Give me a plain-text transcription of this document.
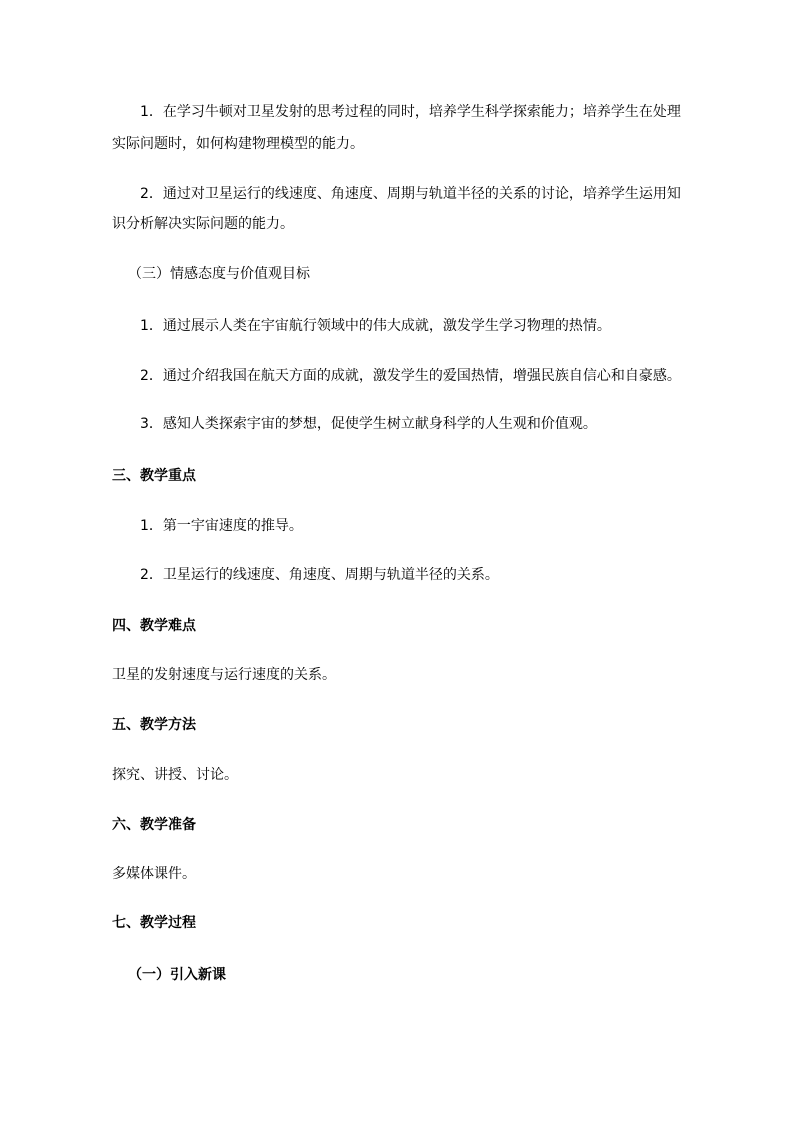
1．在学习牛顿对卫星发射的思考过程的同时，培养学生科学探索能力；培养学生在处理
实际问题时，如何构建物理模型的能力。
2．通过对卫星运行的线速度、角速度、周期与轨道半径的关系的讨论，培养学生运用知
识分析解决实际问题的能力。
（三）情感态度与价值观目标
1．通过展示人类在宇宙航行领域中的伟大成就，激发学生学习物理的热情。
2．通过介绍我国在航天方面的成就，激发学生的爱国热情，增强民族自信心和自豪感。
3．感知人类探索宇宙的梦想，促使学生树立献身科学的人生观和价值观。
三、教学重点
1．第一宇宙速度的推导。
2．卫星运行的线速度、角速度、周期与轨道半径的关系。
四、教学难点
卫星的发射速度与运行速度的关系。
五、教学方法
探究、讲授、讨论。
六、教学准备
多媒体课件。
七、教学过程
（一）引入新课
